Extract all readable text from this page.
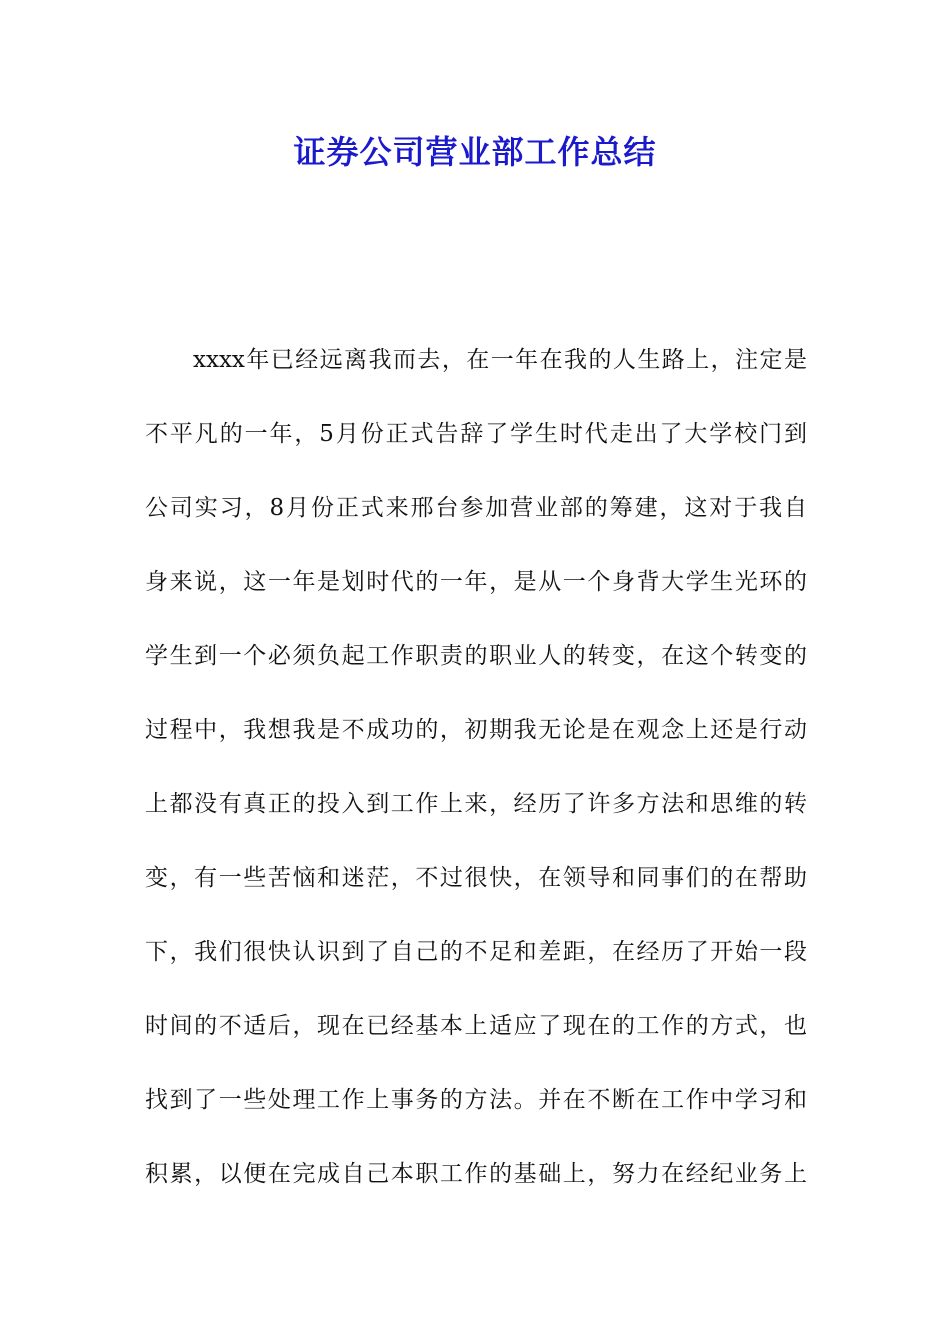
证券公司营业部工作总结
xxxx年已经远离我而去，在一年在我的人生路上，注定是
不平凡的一年，5月份正式告辞了学生时代走出了大学校门到
公司实习，8月份正式来邢台参加营业部的筹建，这对于我自
身来说，这一年是划时代的一年，是从一个身背大学生光环的
学生到一个必须负起工作职责的职业人的转变，在这个转变的
过程中，我想我是不成功的，初期我无论是在观念上还是行动
上都没有真正的投入到工作上来，经历了许多方法和思维的转
变，有一些苦恼和迷茫，不过很快，在领导和同事们的在帮助
下，我们很快认识到了自己的不足和差距，在经历了开始一段
时间的不适后，现在已经基本上适应了现在的工作的方式，也
找到了一些处理工作上事务的方法。并在不断在工作中学习和
积累，以便在完成自己本职工作的基础上，努力在经纪业务上
